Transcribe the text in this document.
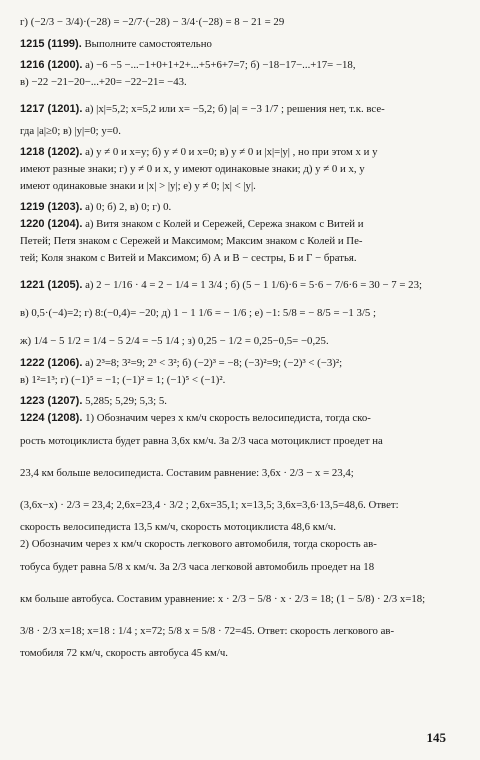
г) (−2/3 − 3/4)·(−28) = −2/7·(−28) − 3/4·(−28) = 8 − 21 = 29
1215 (1199). Выполните самостоятельно
1216 (1200). а) −6 −5 −...−1+0+1+2+...+5+6+7=7; б) −18−17−...+17= −18,
в) −22 −21−20−...+20= −22−21= −43.
1217 (1201). а) |x|=5,2; x=5,2 или x= −5,2; б) |a| = −3 1/7 ; решения нет, т.к. все-
гда |a|≥0; в) |y|=0; y=0.
1218 (1202). а) y ≠ 0 и x=y; б) y ≠ 0 и x=0; в) y ≠ 0 и |x|=|y| , но при этом x и y
имеют разные знаки; г) y ≠ 0 и x, y имеют одинаковые знаки; д) y ≠ 0 и x, y
имеют одинаковые знаки и |x| > |y|; е) y ≠ 0; |x| < |y|.
1219 (1203). а) 0; б) 2, в) 0; г) 0.
1220 (1204). а) Витя знаком с Колей и Сережей, Сережа знаком с Витей и
Петей; Петя знаком с Сережей и Максимом; Максим знаком с Колей и Пе-
тей; Коля знаком с Витей и Максимом; б) А и В − сестры, Б и Г − братья.
1221 (1205). а) 2 − 1/16 · 4 = 2 − 1/4 = 1 3/4 ; б) (5 − 1 1/6)·6 = 5·6 − 7/6·6 = 30 − 7 = 23;
в) 0,5·(−4)=2; г) 8:(−0,4)= −20; д) 1 − 1 1/6 = − 1/6 ; е) −1: 5/8 = − 8/5 = −1 3/5 ;
ж) 1/4 − 5 1/2 = 1/4 − 5 2/4 = −5 1/4 ; з) 0,25 − 1/2 = 0,25−0,5= −0,25.
1222 (1206). а) 2³=8; 3²=9; 2³ < 3²; б) (−2)³ = −8; (−3)²=9; (−2)³ < (−3)²;
в) 1²=1³; г) (−1)⁵ = −1; (−1)² = 1; (−1)⁵ < (−1)².
1223 (1207). 5,285; 5,29; 5,3; 5.
1224 (1208). 1) Обозначим через x км/ч скорость велосипедиста, тогда ско-
рость мотоциклиста будет равна 3,6x км/ч. За 2/3 часа мотоциклист проедет на
23,4 км больше велосипедиста. Составим равнение: 3,6x · 2/3 − x = 23,4;
(3,6x−x) · 2/3 = 23,4; 2,6x=23,4 · 3/2 ; 2,6x=35,1; x=13,5; 3,6x=3,6·13,5=48,6. Ответ:
скорость велосипедиста 13,5 км/ч, скорость мотоциклиста 48,6 км/ч.
2) Обозначим через x км/ч скорость легкового автомобиля, тогда скорость ав-
тобуса будет равна 5/8 x км/ч. За 2/3 часа легковой автомобиль проедет на 18
км больше автобуса. Составим уравнение: x · 2/3 − 5/8 · x · 2/3 = 18; (1 − 5/8) · 2/3 x=18;
3/8 · 2/3 x=18; x=18 : 1/4 ; x=72; 5/8 x = 5/8 · 72=45. Ответ: скорость легкового ав-
томобиля 72 км/ч, скорость автобуса 45 км/ч.
145
